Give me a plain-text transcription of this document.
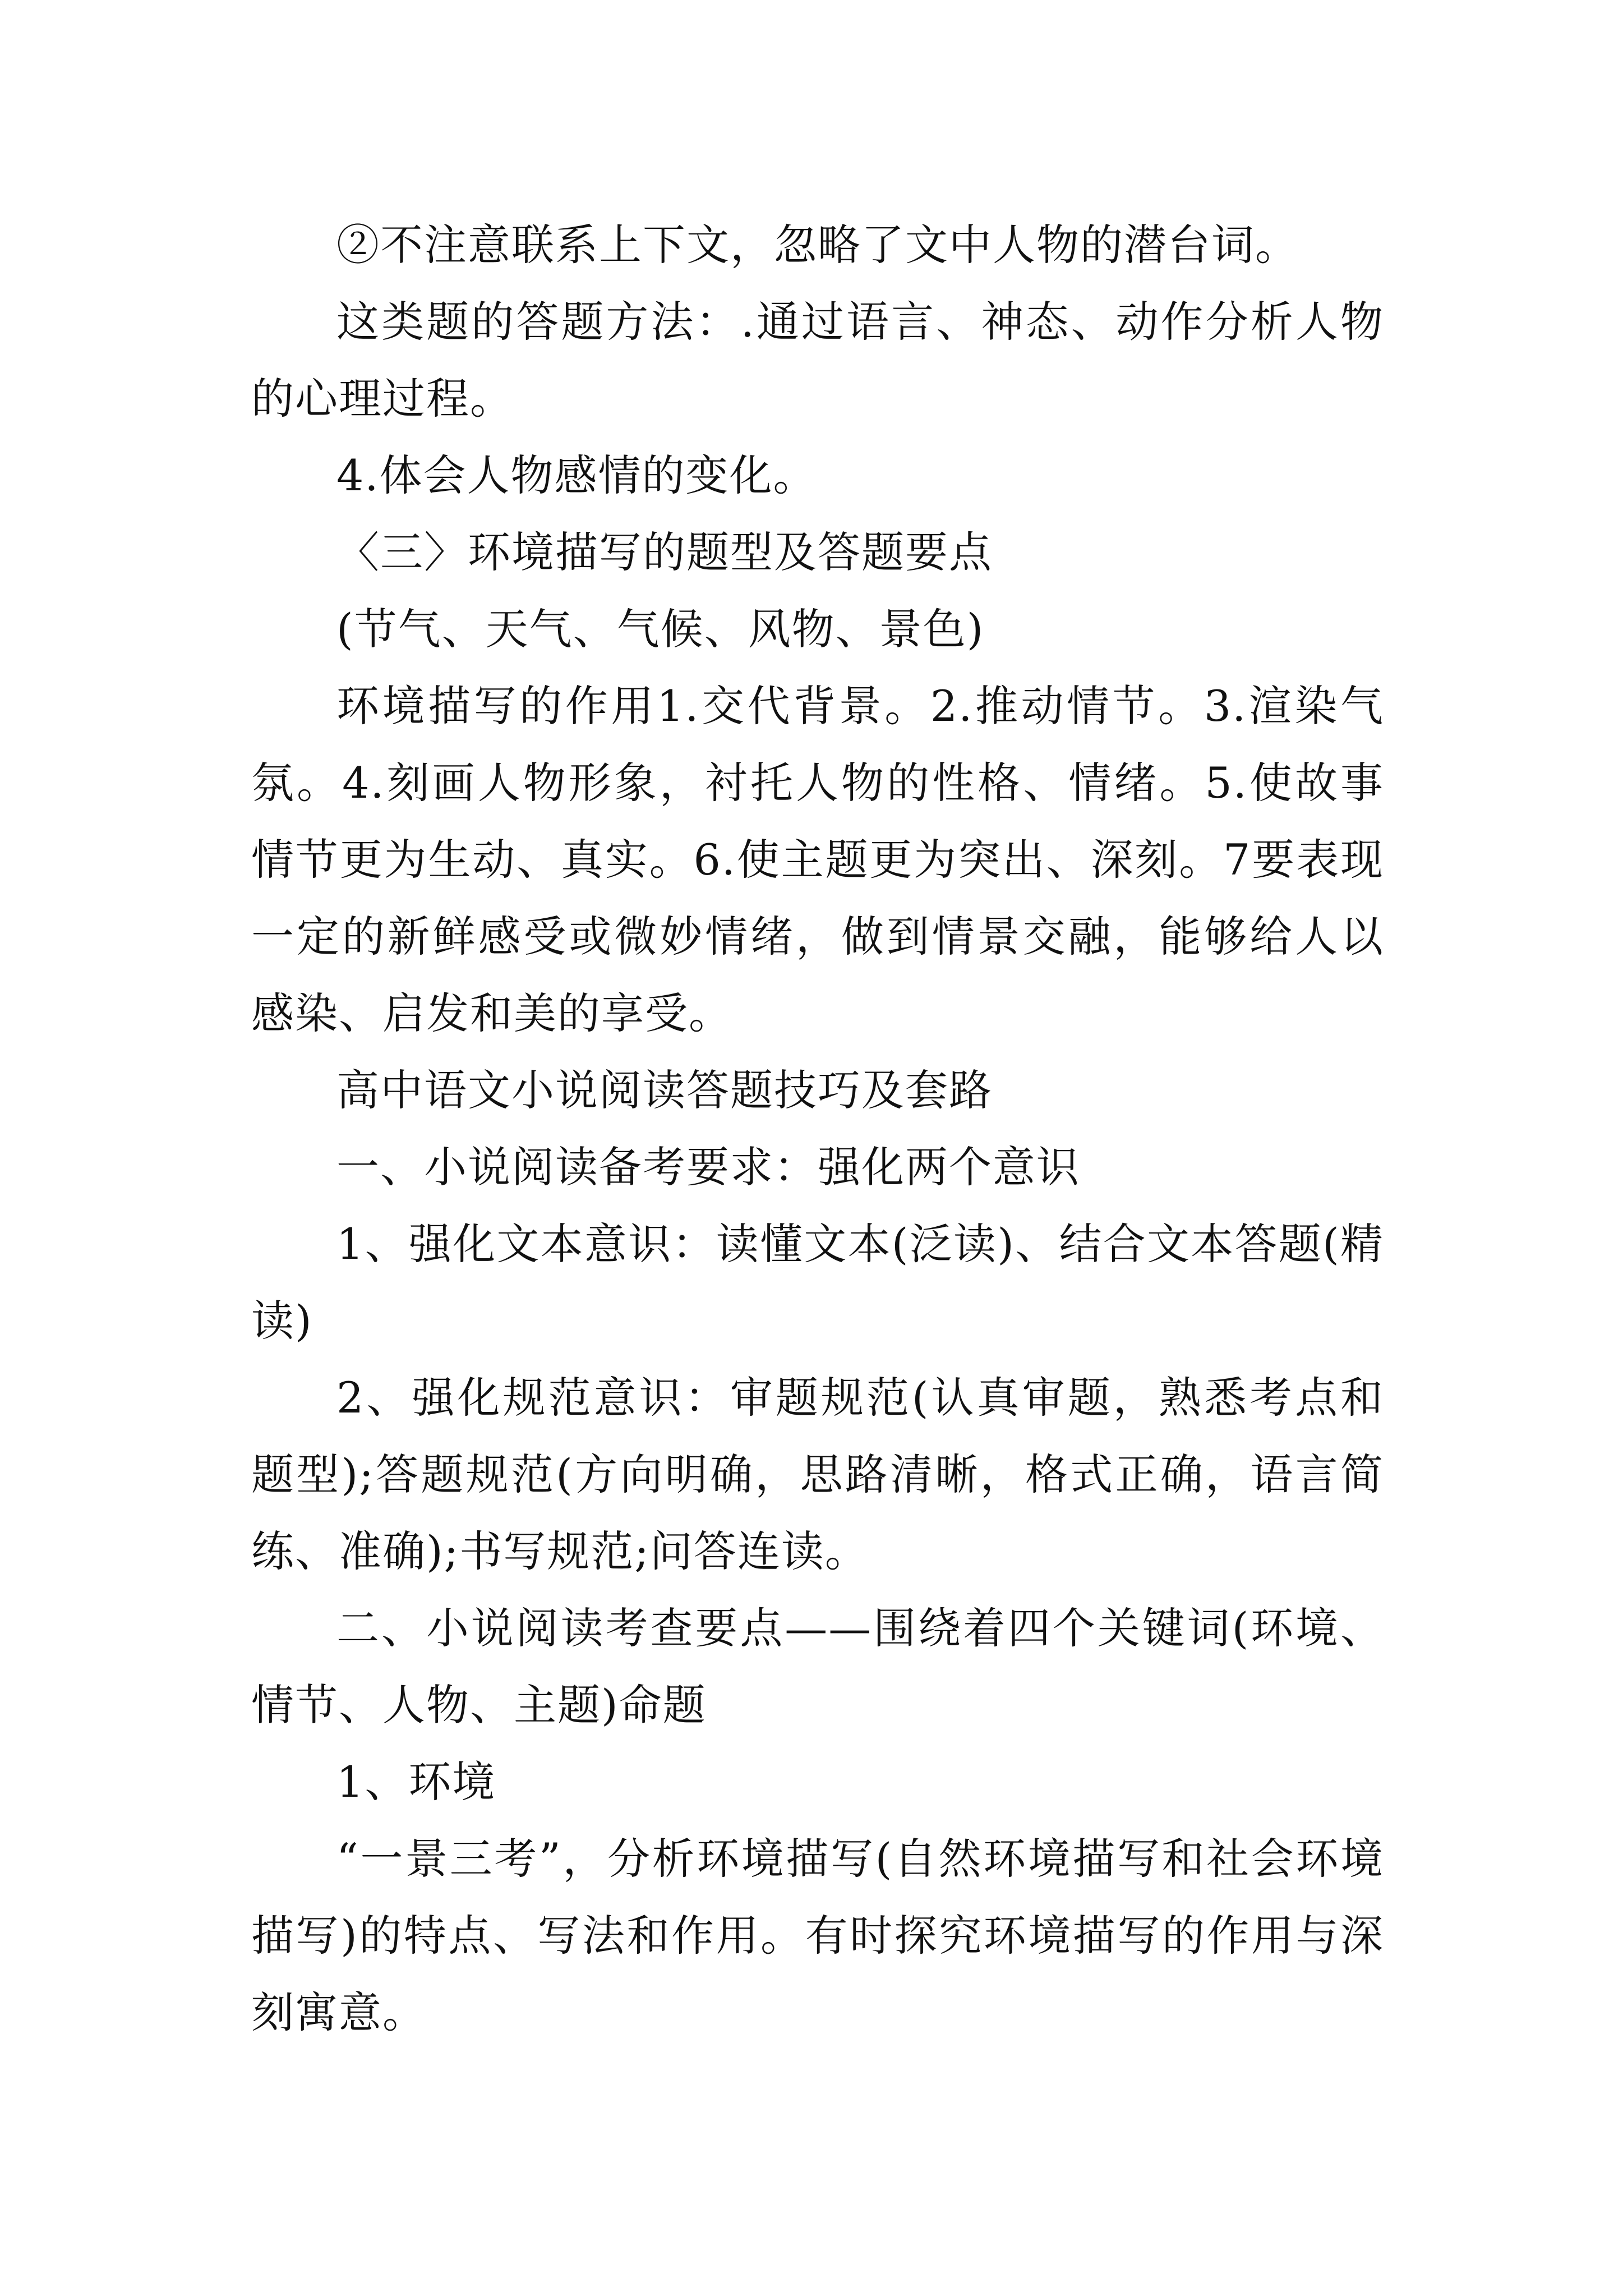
②不注意联系上下文，忽略了文中人物的潜台词。

这类题的答题方法：.通过语言、神态、动作分析人物的心理过程。

4.体会人物感情的变化。

〈三〉环境描写的题型及答题要点

(节气、天气、气候、风物、景色)

环境描写的作用1.交代背景。2.推动情节。3.渲染气氛。4.刻画人物形象，衬托人物的性格、情绪。5.使故事情节更为生动、真实。6.使主题更为突出、深刻。7要表现一定的新鲜感受或微妙情绪，做到情景交融，能够给人以感染、启发和美的享受。

高中语文小说阅读答题技巧及套路

一、小说阅读备考要求：强化两个意识

1、强化文本意识：读懂文本(泛读)、结合文本答题(精读)

2、强化规范意识：审题规范(认真审题，熟悉考点和题型);答题规范(方向明确，思路清晰，格式正确，语言简练、准确);书写规范;问答连读。

二、小说阅读考查要点——围绕着四个关键词(环境、情节、人物、主题)命题

1、环境

“一景三考”，分析环境描写(自然环境描写和社会环境描写)的特点、写法和作用。有时探究环境描写的作用与深刻寓意。
